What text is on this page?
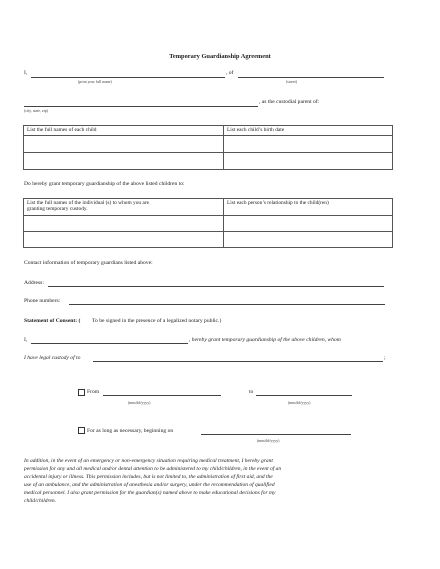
Temporary Guardianship Agreement
I,	, of
(print your full name)	(street)
, as the custodial parent of:
(city, state, zip)
List the full names of each child	List each child’s birth date

Do hereby grant temporary guardianship of the above listed children to:
List the full names of the individual (s) to whom you are
granting temporary custody.	List each person’s relationship to the child(ren)

Contact information of temporary guardians listed above:
Address:
Phone numbers:
Statement of Consent: ( To be signed in the presence of a legalized notary public.)
I,	, hereby grant temporary guardianship of the above children, whom
I have legal custody of to	;
From	to
(mm/dd/yyyy)	(mm/dd/yyyy)
For as long as necessary, beginning on
(mm/dd/yyyy)
In addition, in the event of an emergency or non-emergency situation requiring medical treatment, I hereby grant
permission for any and all medical and/or dental attention to be administered to my child/children, in the event of an
accidental injury or illness. This permission includes, but is not limited to, the administration of first aid, and the
use of an ambulance, and the administration of anesthesia and/or surgery, under the recommendation of qualified
medical personnel. I also grant permission for the guardian(s) named above to make educational decisions for my
child/children.
